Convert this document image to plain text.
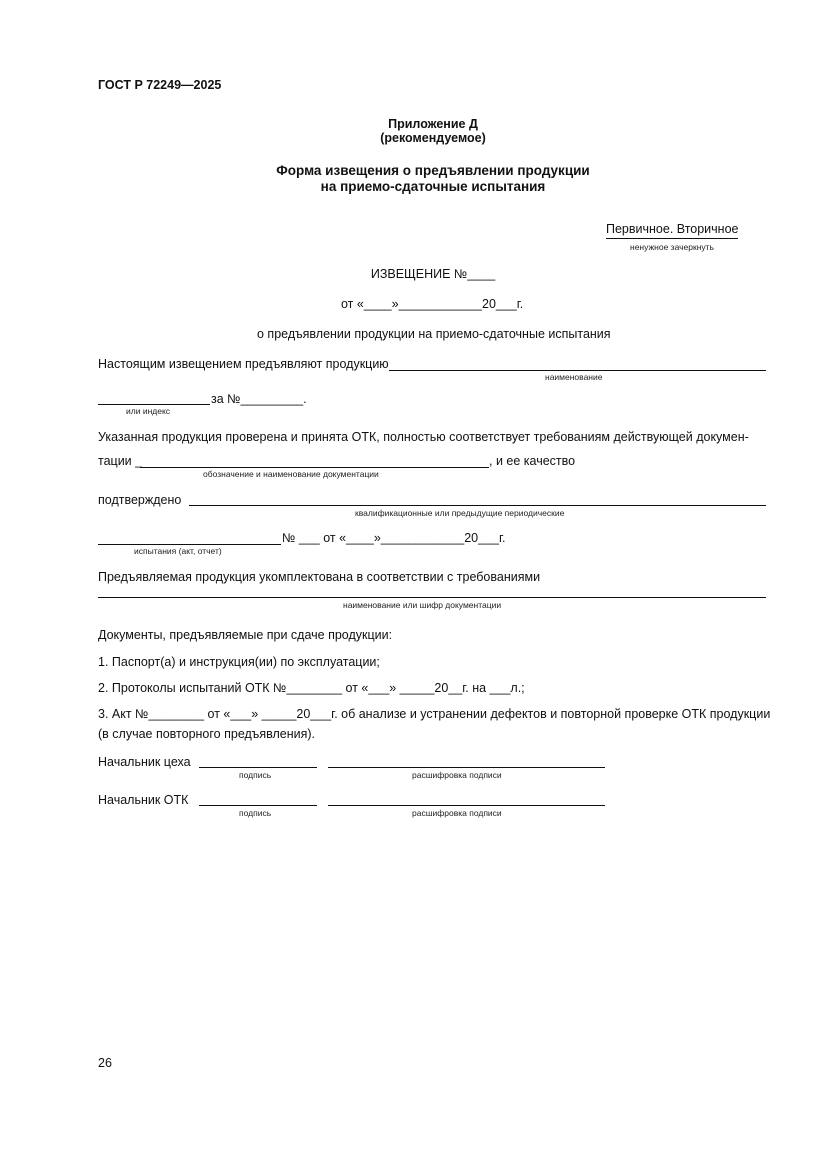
ГОСТ Р 72249—2025
Приложение Д
(рекомендуемое)
Форма извещения о предъявлении продукции
на приемо-сдаточные испытания
Первичное. Вторичное
ненужное зачеркнуть
ИЗВЕЩЕНИЕ №____
от «____»____________20___г.
о предъявлении продукции на приемо-сдаточные испытания
Настоящим извещением предъявляют продукцию
наименование
за №_________.
или индекс
Указанная продукция проверена и принята ОТК, полностью соответствует требованиям действующей докумен-
тации _	, и ее качество
обозначение и наименование документации
подтверждено
квалификационные или предыдущие периодические
№ ___ от «____»____________20___г.
испытания (акт, отчет)
Предъявляемая продукция укомплектована в соответствии с требованиями
наименование или шифр документации
Документы, предъявляемые при сдаче продукции:
1. Паспорт(а) и инструкция(ии) по эксплуатации;
2. Протоколы испытаний ОТК №________ от «___» _____20__г. на ___л.;
3. Акт №________ от «___» _____20___г. об анализе и устранении дефектов и повторной проверке ОТК продукции
(в случае повторного предъявления).
Начальник цеха
подпись	расшифровка подписи
Начальник ОТК
подпись	расшифровка подписи
26
